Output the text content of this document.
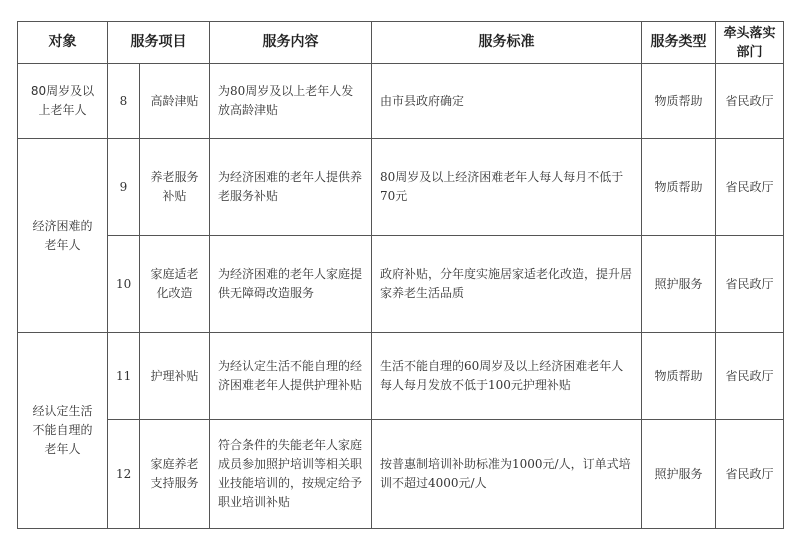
对象	服务项目		服务内容	服务标准	服务类型	牵头落实部门
80周岁及以上老年人	8	高龄津贴	为80周岁及以上老年人发放高龄津贴	由市县政府确定	物质帮助	省民政厅
经济困难的老年人	9	养老服务补贴	为经济困难的老年人提供养老服务补贴	80周岁及以上经济困难老年人每人每月不低于70元	物质帮助	省民政厅
	10	家庭适老化改造	为经济困难的老年人家庭提供无障碍改造服务	政府补贴，分年度实施居家适老化改造，提升居家养老生活品质	照护服务	省民政厅
经认定生活不能自理的老年人	11	护理补贴	为经认定生活不能自理的经济困难老年人提供护理补贴	生活不能自理的60周岁及以上经济困难老年人每人每月发放不低于100元护理补贴	物质帮助	省民政厅
	12	家庭养老支持服务	符合条件的失能老年人家庭成员参加照护培训等相关职业技能培训的，按规定给予职业培训补贴	按普惠制培训补助标准为1000元/人，订单式培训不超过4000元/人	照护服务	省民政厅
